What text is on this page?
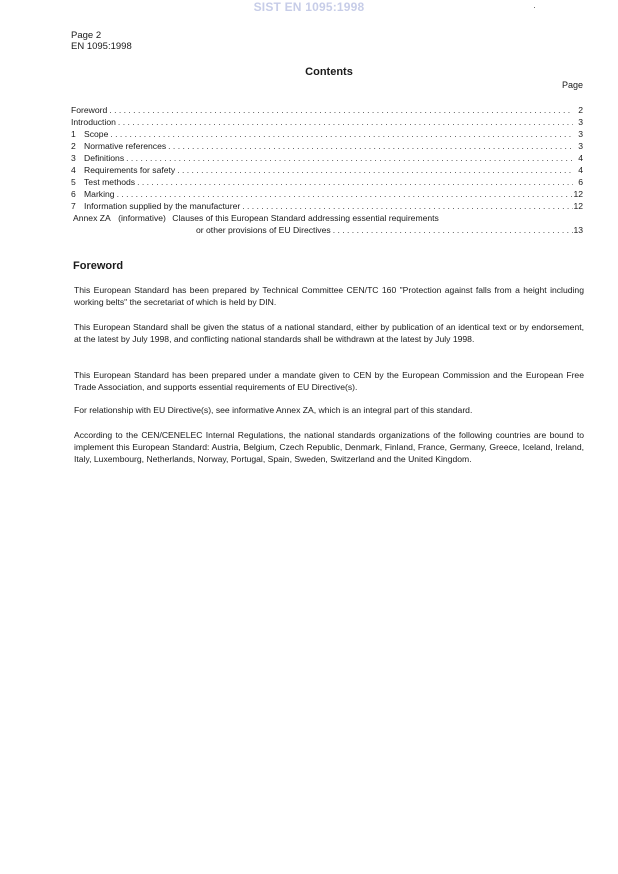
SIST EN 1095:1998	·
Page 2
EN 1095:1998
Contents
Page
Foreword . . .	2
Introduction . . .	3
1 Scope . . .	3
2 Normative references . . .	3
3 Definitions . . .	4
4 Requirements for safety . . .	4
5 Test methods . . .	6
6 Marking . . .	12
7 Information supplied by the manufacturer . . .	12
Annex ZA (informative) Clauses of this European Standard addressing essential requirements
or other provisions of EU Directives . . .	13
Foreword
This European Standard has been prepared by Technical Committee CEN/TC 160 "Protection against falls from a height including working belts" the secretariat of which is held by DIN.
This European Standard shall be given the status of a national standard, either by publication of an identical text or by endorsement, at the latest by July 1998, and conflicting national standards shall be withdrawn at the latest by July 1998.
This European Standard has been prepared under a mandate given to CEN by the European Commission and the European Free Trade Association, and supports essential requirements of EU Directive(s).
For relationship with EU Directive(s), see informative Annex ZA, which is an integral part of this standard.
According to the CEN/CENELEC Internal Regulations, the national standards organizations of the following countries are bound to implement this European Standard: Austria, Belgium, Czech Republic, Denmark, Finland, France, Germany, Greece, Iceland, Ireland, Italy, Luxembourg, Netherlands, Norway, Portugal, Spain, Sweden, Switzerland and the United Kingdom.
